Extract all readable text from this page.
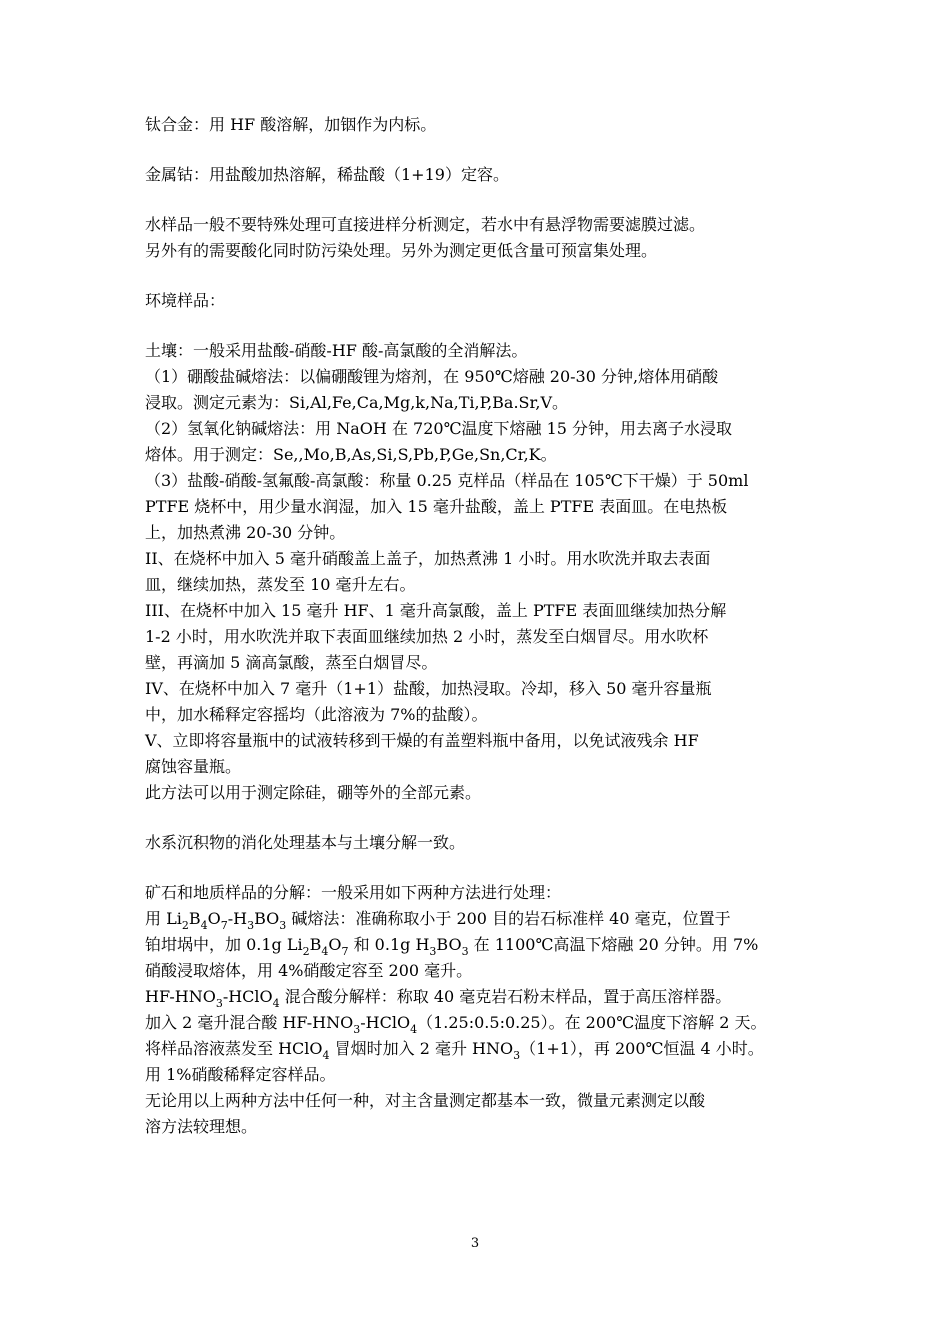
钛合金：用 HF 酸溶解，加铟作为内标。
金属钴：用盐酸加热溶解，稀盐酸（1+19）定容。
水样品一般不要特殊处理可直接进样分析测定，若水中有悬浮物需要滤膜过滤。
另外有的需要酸化同时防污染处理。另外为测定更低含量可预富集处理。
环境样品：
土壤：一般采用盐酸-硝酸-HF 酸-高氯酸的全消解法。
（1）硼酸盐碱熔法：以偏硼酸锂为熔剂，在 950℃熔融 20-30 分钟,熔体用硝酸
浸取。测定元素为：Si,Al,Fe,Ca,Mg,k,Na,Ti,P,Ba.Sr,V。
（2）氢氧化钠碱熔法：用 NaOH 在 720℃温度下熔融 15 分钟，用去离子水浸取
熔体。用于测定：Se,,Mo,B,As,Si,S,Pb,P,Ge,Sn,Cr,K。
（3）盐酸-硝酸-氢氟酸-高氯酸：称量 0.25 克样品（样品在 105℃下干燥）于 50ml
PTFE 烧杯中，用少量水润湿，加入 15 毫升盐酸，盖上 PTFE 表面皿。在电热板
上，加热煮沸 20-30 分钟。
II、在烧杯中加入 5 毫升硝酸盖上盖子，加热煮沸 1 小时。用水吹洗并取去表面
皿，继续加热，蒸发至 10 毫升左右。
III、在烧杯中加入 15 毫升 HF、1 毫升高氯酸，盖上 PTFE 表面皿继续加热分解
1-2 小时，用水吹洗并取下表面皿继续加热 2 小时，蒸发至白烟冒尽。用水吹杯
壁，再滴加 5 滴高氯酸，蒸至白烟冒尽。
IV、在烧杯中加入 7 毫升（1+1）盐酸，加热浸取。冷却，移入 50 毫升容量瓶
中，加水稀释定容摇均（此溶液为 7%的盐酸）。
V、立即将容量瓶中的试液转移到干燥的有盖塑料瓶中备用，以免试液残余 HF
腐蚀容量瓶。
此方法可以用于测定除硅，硼等外的全部元素。
水系沉积物的消化处理基本与土壤分解一致。
矿石和地质样品的分解：一般采用如下两种方法进行处理：
用 $Li_2B_4O_7-H_3BO_3$ 碱熔法：准确称取小于 200 目的岩石标准样 40 毫克，位置于
铂坩埚中，加 0.1g $Li_2B_4O_7$ 和 0.1g $H_3BO_3$ 在 1100℃高温下熔融 20 分钟。用 7%
硝酸浸取熔体，用 4%硝酸定容至 200 毫升。
$HF-HNO_3-HClO_4$ 混合酸分解样：称取 40 毫克岩石粉末样品，置于高压溶样器。
加入 2 毫升混合酸 $HF-HNO_3-HClO_4(1.25:0.5:0.25)$。在 200℃温度下溶解 2 天。
将样品溶液蒸发至 HClO$_4$ 冒烟时加入 2 毫升 $HNO_3(1+1)$，再 200℃恒温 4 小时。
用 1%硝酸稀释定容样品。
无论用以上两种方法中任何一种，对主含量测定都基本一致，微量元素测定以酸
溶方法较理想。
3
